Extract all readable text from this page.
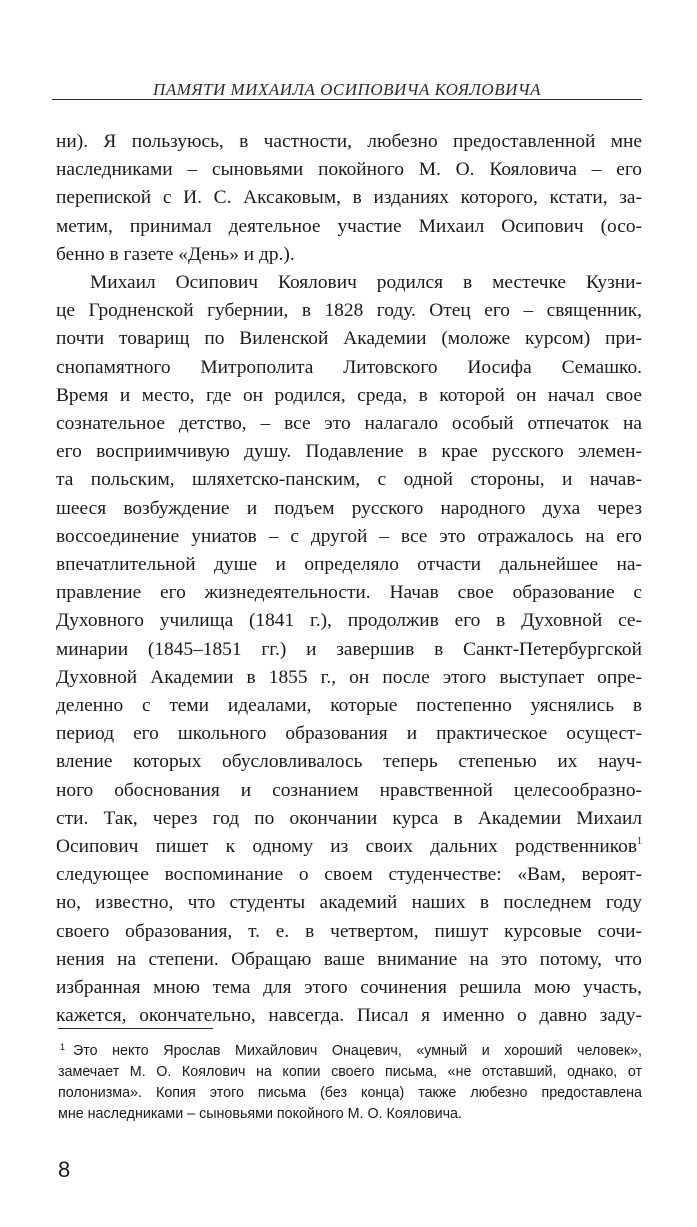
ПАМЯТИ МИХАИЛА ОСИПОВИЧА КОЯЛОВИЧА
ни). Я пользуюсь, в частности, любезно предоставленной мне
наследниками – сыновьями покойного М. О. Кояловича – его
перепиской с И. С. Аксаковым, в изданиях которого, кстати, за-
метим, принимал деятельное участие Михаил Осипович (осо-
бенно в газете «День» и др.).
Михаил Осипович Коялович родился в местечке Кузни-
це Гродненской губернии, в 1828 году. Отец его – священник,
почти товарищ по Виленской Академии (моложе курсом) при-
снопамятного Митрополита Литовского Иосифа Семашко.
Время и место, где он родился, среда, в которой он начал свое
сознательное детство, – все это налагало особый отпечаток на
его восприимчивую душу. Подавление в крае русского элемен-
та польским, шляхетско-панским, с одной стороны, и начав-
шееся возбуждение и подъем русского народного духа через
воссоединение униатов – с другой – все это отражалось на его
впечатлительной душе и определяло отчасти дальнейшее на-
правление его жизнедеятельности. Начав свое образование с
Духовного училища (1841 г.), продолжив его в Духовной се-
минарии (1845–1851 гг.) и завершив в Санкт-Петербургской
Духовной Академии в 1855 г., он после этого выступает опре-
деленно с теми идеалами, которые постепенно уяснялись в
период его школьного образования и практическое осущест-
вление которых обусловливалось теперь степенью их науч-
ного обоснования и сознанием нравственной целесообразно-
сти. Так, через год по окончании курса в Академии Михаил
Осипович пишет к одному из своих дальних родственников$^1$
следующее воспоминание о своем студенчестве: «Вам, вероят-
но, известно, что студенты академий наших в последнем году
своего образования, т. е. в четвертом, пишут курсовые сочи-
нения на степени. Обращаю ваше внимание на это потому, что
избранная мною тема для этого сочинения решила мою участь,
кажется, окончательно, навсегда. Писал я именно о давно заду-
$^1$ Это некто Ярослав Михайлович Онацевич, «умный и хороший человек»,
замечает М. О. Коялович на копии своего письма, «не отставший, однако, от
полонизма». Копия этого письма (без конца) также любезно предоставлена
мне наследниками – сыновьями покойного М. О. Кояловича.
8
